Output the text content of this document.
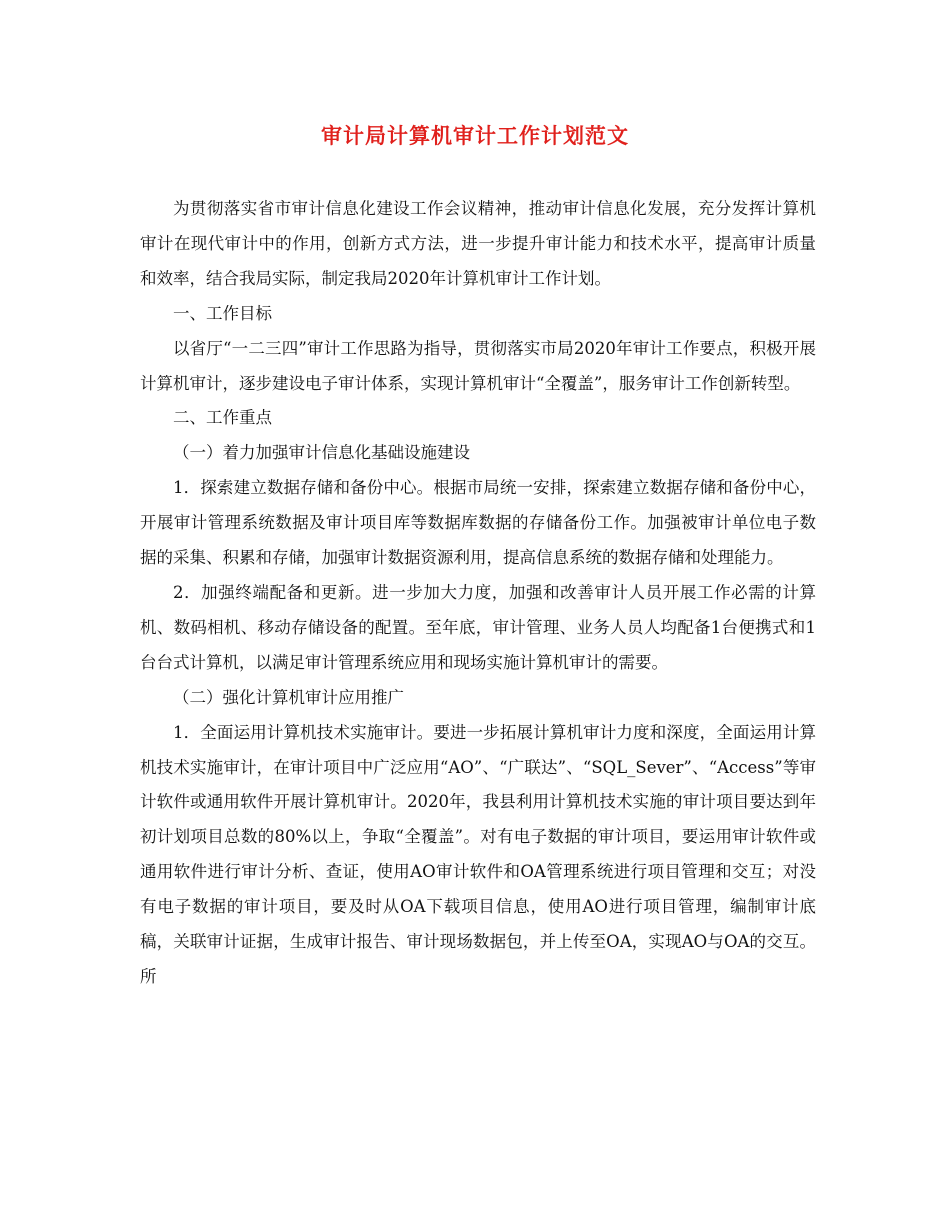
审计局计算机审计工作计划范文

为贯彻落实省市审计信息化建设工作会议精神，推动审计信息化发展，充分发挥计算机审计在现代审计中的作用，创新方式方法，进一步提升审计能力和技术水平，提高审计质量和效率，结合我局实际，制定我局2020年计算机审计工作计划。

一、工作目标

以省厅“一二三四”审计工作思路为指导，贯彻落实市局2020年审计工作要点，积极开展计算机审计，逐步建设电子审计体系，实现计算机审计“全覆盖”，服务审计工作创新转型。

二、工作重点

（一）着力加强审计信息化基础设施建设

1．探索建立数据存储和备份中心。根据市局统一安排，探索建立数据存储和备份中心，开展审计管理系统数据及审计项目库等数据库数据的存储备份工作。加强被审计单位电子数据的采集、积累和存储，加强审计数据资源利用，提高信息系统的数据存储和处理能力。

2．加强终端配备和更新。进一步加大力度，加强和改善审计人员开展工作必需的计算机、数码相机、移动存储设备的配置。至年底，审计管理、业务人员人均配备1台便携式和1台台式计算机，以满足审计管理系统应用和现场实施计算机审计的需要。

（二）强化计算机审计应用推广

1．全面运用计算机技术实施审计。要进一步拓展计算机审计力度和深度，全面运用计算机技术实施审计，在审计项目中广泛应用“AO”、“广联达”、“SQL_Sever”、“Access”等审计软件或通用软件开展计算机审计。2020年，我县利用计算机技术实施的审计项目要达到年初计划项目总数的80%以上，争取“全覆盖”。对有电子数据的审计项目，要运用审计软件或通用软件进行审计分析、查证，使用AO审计软件和OA管理系统进行项目管理和交互；对没有电子数据的审计项目，要及时从OA下载项目信息，使用AO进行项目管理，编制审计底稿，关联审计证据，生成审计报告、审计现场数据包，并上传至OA，实现AO与OA的交互。所
